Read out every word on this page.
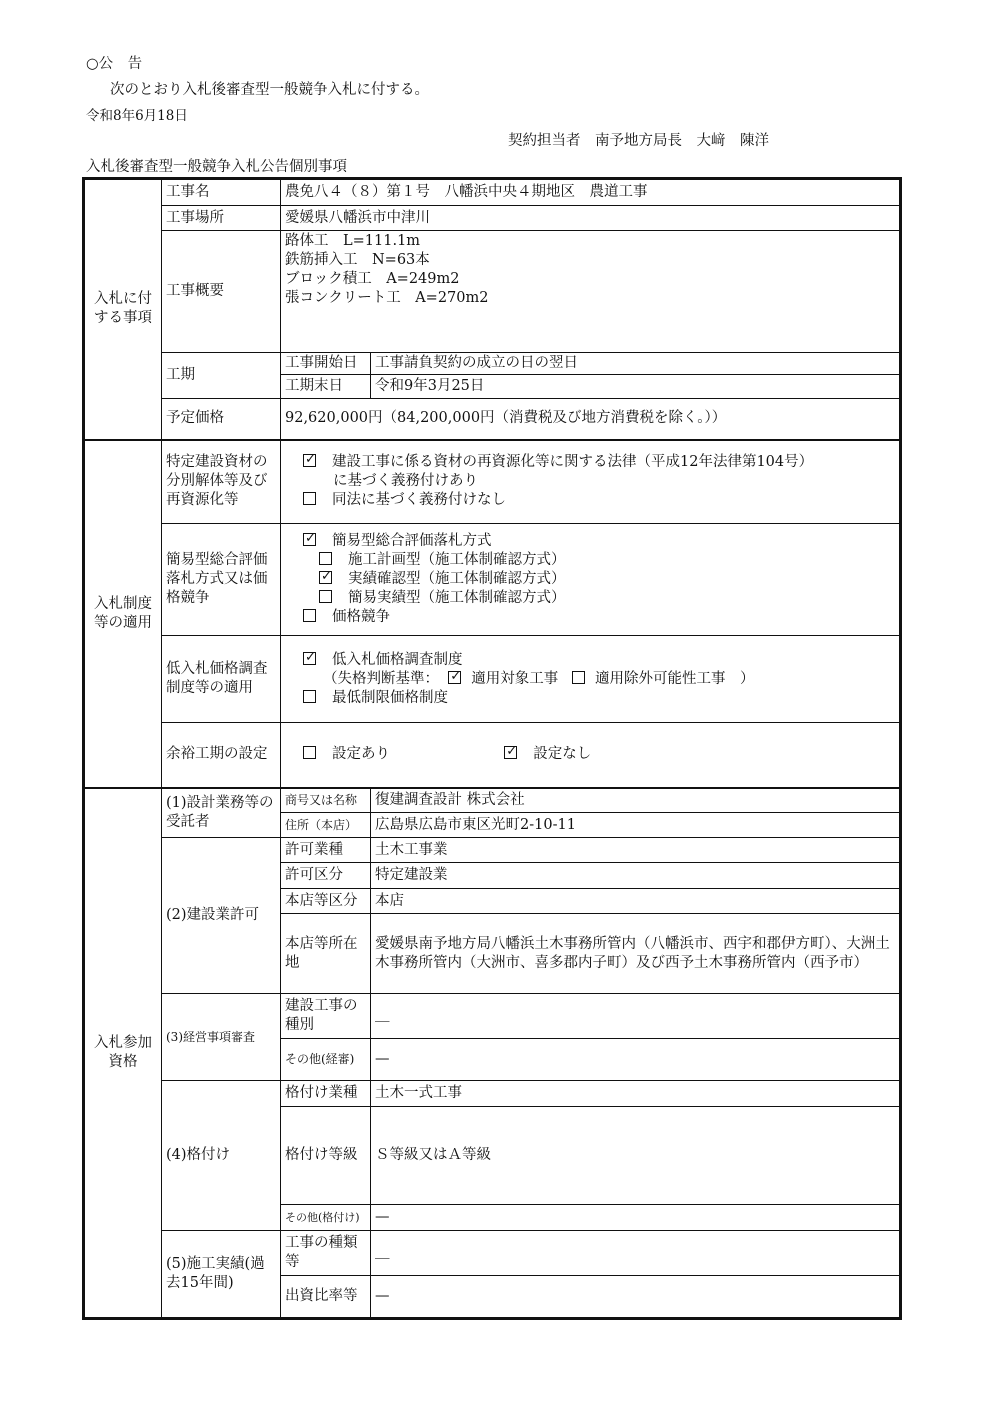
○公　告
次のとおり入札後審査型一般競争入札に付する。
令和8年6月18日
契約担当者　南予地方局長　大﨑　陳洋
入札後審査型一般競争入札公告個別事項
入札に付する事項	工事名	農免八４（８）第１号　八幡浜中央４期地区　農道工事	
	工事場所	愛媛県八幡浜市中津川	
	工事概要	路体工　L=111.1m
鉄筋挿入工　N=63本
ブロック積工　A=249m2
張コンクリート工　A=270m2	

	工期	工事開始日	工事請負契約の成立の日の翌日
		工期末日	令和9年3月25日
	予定価格	92,620,000円（84,200,000円（消費税及び地方消費税を除く。））	
入札制度等の適用	特定建設資材の分別解体等及び再資源化等	
✓建設工事に係る資材の再資源化等に関する法律（平成12年法律第104号）
に基づく義務付けあり
同法に基づく義務付けなし

	簡易型総合評価落札方式又は価格競争	
✓簡易型総合評価落札方式
施工計画型（施工体制確認方式）
✓実績確認型（施工体制確認方式）
簡易実績型（施工体制確認方式）
価格競争

	低入札価格調査制度等の適用	
✓低入札価格調査制度
（失格判断基準： ✓ 適用対象工事 適用除外可能性工事　）
最低制限価格制度

	余裕工期の設定	設定あり ✓ 設定なし
入札参加資格	(1)設計業務等の受託者	商号又は名称	復建調査設計 株式会社
		住所（本店）	広島県広島市東区光町2-10-11
	(2)建設業許可	許可業種	土木工事業
		許可区分	特定建設業
		本店等区分	本店
		本店等所在地	愛媛県南予地方局八幡浜土木事務所管内（八幡浜市、西宇和郡伊方町）、大洲土木事務所管内（大洲市、喜多郡内子町）及び西予土木事務所管内（西予市）
	(3)経営事項審査	建設工事の種別	＿
		その他(経審)	—
	(4)格付け	格付け業種	土木一式工事
		格付け等級	Ｓ等級又はＡ等級
		その他(格付け)	—
	(5)施工実績(過去15年間)	工事の種類等	＿
		出資比率等	—
